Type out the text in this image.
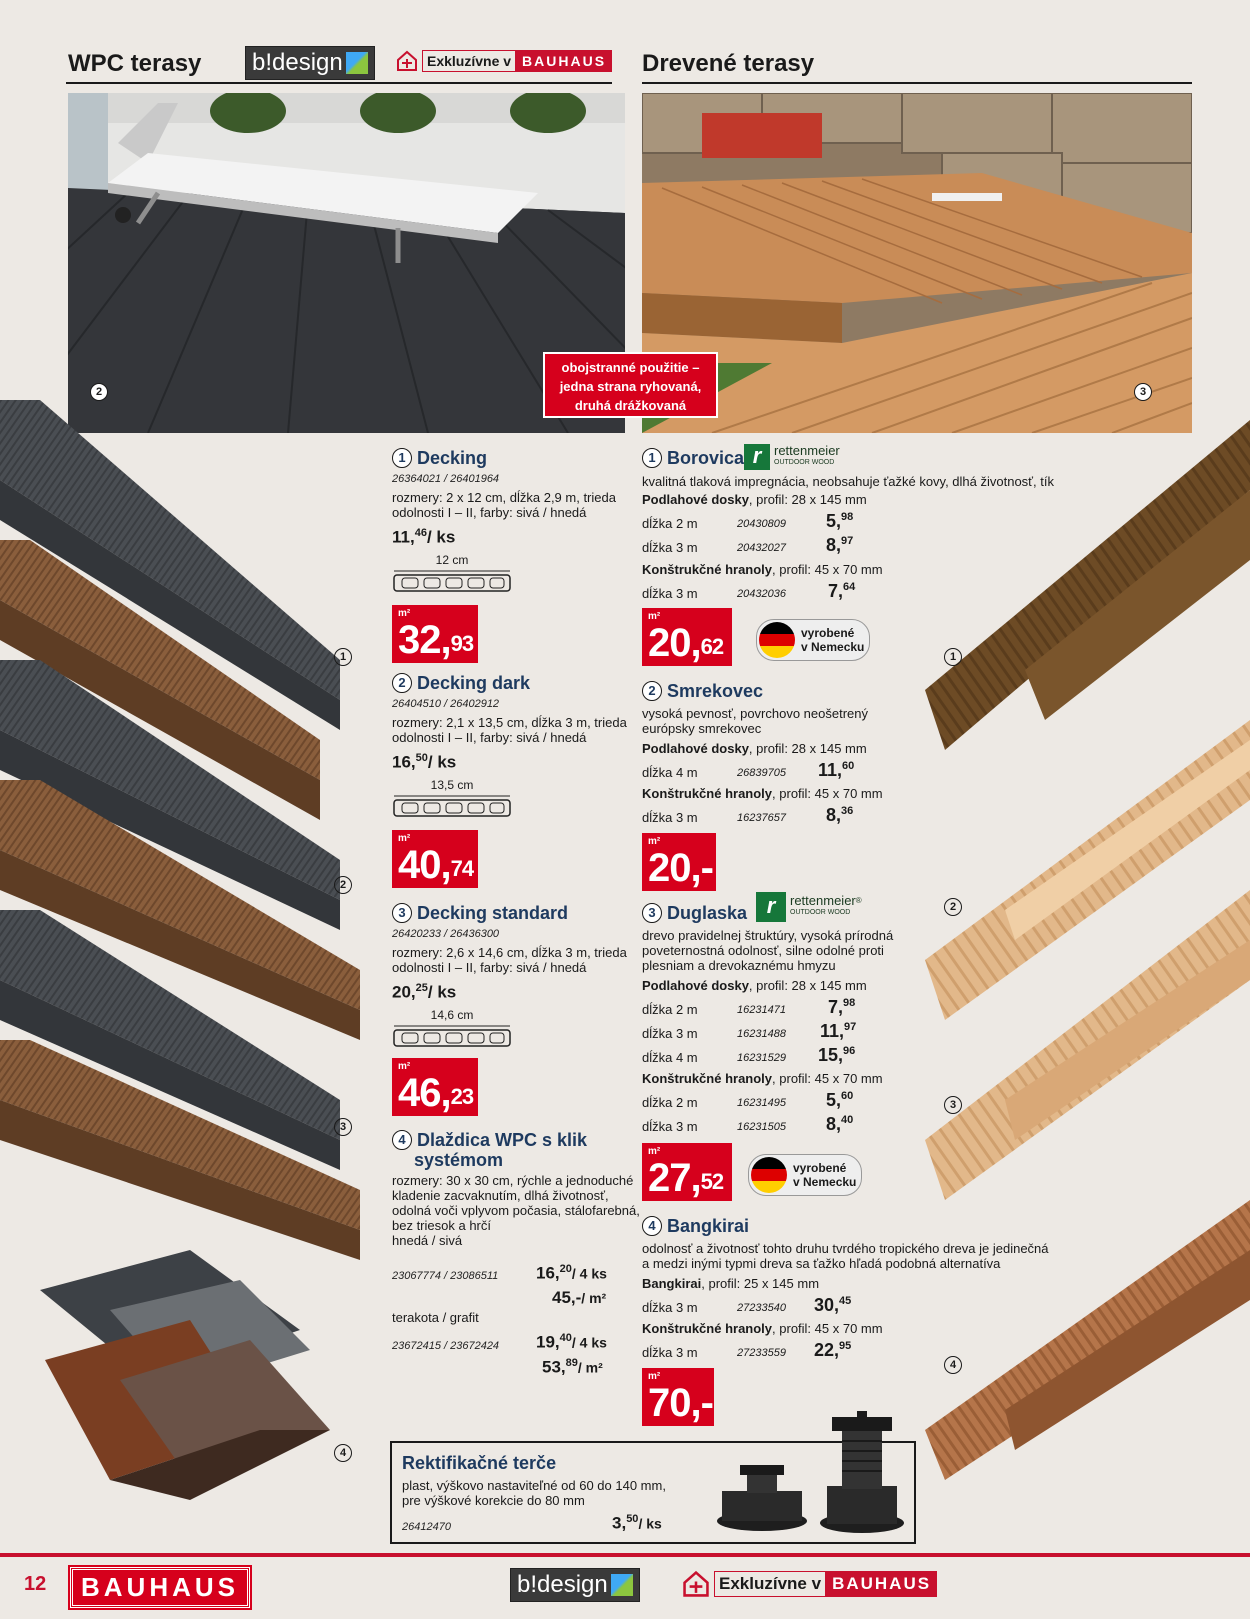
WPC terasy b!design	Exkluzívne v BAUHAUS Drevené terasy
2	3
obojstranné použitie –
jedna strana ryhovaná,
druhá drážkovaná
1
2
3
4
1
2
3
4
1 Decking
26364021 / 26401964
rozmery: 2 x 12 cm, dĺžka 2,9 m, trieda
odolnosti I – II, farby: sivá / hnedá
11,46/ ks
12 cm
m²
32,93
2 Decking dark
26404510 / 26402912
rozmery: 2,1 x 13,5 cm, dĺžka 3 m, trieda
odolnosti I – II, farby: sivá / hnedá
16,50/ ks
13,5 cm
m²
40,74
3 Decking standard
26420233 / 26436300
rozmery: 2,6 x 14,6 cm, dĺžka 3 m, trieda
odolnosti I – II, farby: sivá / hnedá
20,25/ ks
14,6 cm
m²
46,23
4 Dlaždica WPC s klik
systémom
rozmery: 30 x 30 cm, rýchle a jednoduché
kladenie zacvaknutím, dlhá životnosť,
odolná voči vplyvom počasia, stálofarebná,
bez triesok a hrčí
hnedá / sivá
23067774 / 23086511 16,20/ 4 ks
45,-/ m²
terakota / grafit
23672415 / 23672424 19,40/ 4 ks
53,89/ m²
1 Borovica r rettenmeier
OUTDOOR WOOD
kvalitná tlaková impregnácia, neobsahuje ťažké kovy, dlhá životnosť, tík
Podlahové dosky, profil: 28 x 145 mm
dĺžka 2 m	20430809 5,98
dĺžka 3 m	20432027 8,97
Konštrukčné hranoly, profil: 45 x 70 mm
dĺžka 3 m	20432036 7,64
m²
20,62
vyrobené
v Nemecku
2 Smrekovec
vysoká pevnosť, povrchovo neošetrený
európsky smrekovec
Podlahové dosky, profil: 28 x 145 mm
dĺžka 4 m	26839705 11,60
Konštrukčné hranoly, profil: 45 x 70 mm
dĺžka 3 m	16237657 8,36
m²
20,-
3 Duglaska r	rettenmeier®
OUTDOOR WOOD
drevo pravidelnej štruktúry, vysoká prírodná
poveternostná odolnosť, silne odolné proti
plesniam a drevokaznému hmyzu
Podlahové dosky, profil: 28 x 145 mm
dĺžka 2 m	16231471 7,98
dĺžka 3 m	16231488 11,97
dĺžka 4 m	16231529 15,96
Konštrukčné hranoly, profil: 45 x 70 mm
dĺžka 2 m	16231495 5,60
dĺžka 3 m	16231505 8,40
m²
27,52
vyrobené
v Nemecku
4 Bangkirai
odolnosť a životnosť tohto druhu tvrdého tropického dreva je jedinečná
a medzi inými typmi dreva sa ťažko hľadá podobná alternatíva
Bangkirai, profil: 25 x 145 mm
dĺžka 3 m	27233540 30,45
Konštrukčné hranoly, profil: 45 x 70 mm
dĺžka 3 m	27233559 22,95
m²
70,-
Rektifikačné terče
plast, výškovo nastaviteľné od 60 do 140 mm,
pre výškové korekcie do 80 mm
26412470	3,50/ ks
12	BAUHAUS	b!design	Exkluzívne v BAUHAUS
